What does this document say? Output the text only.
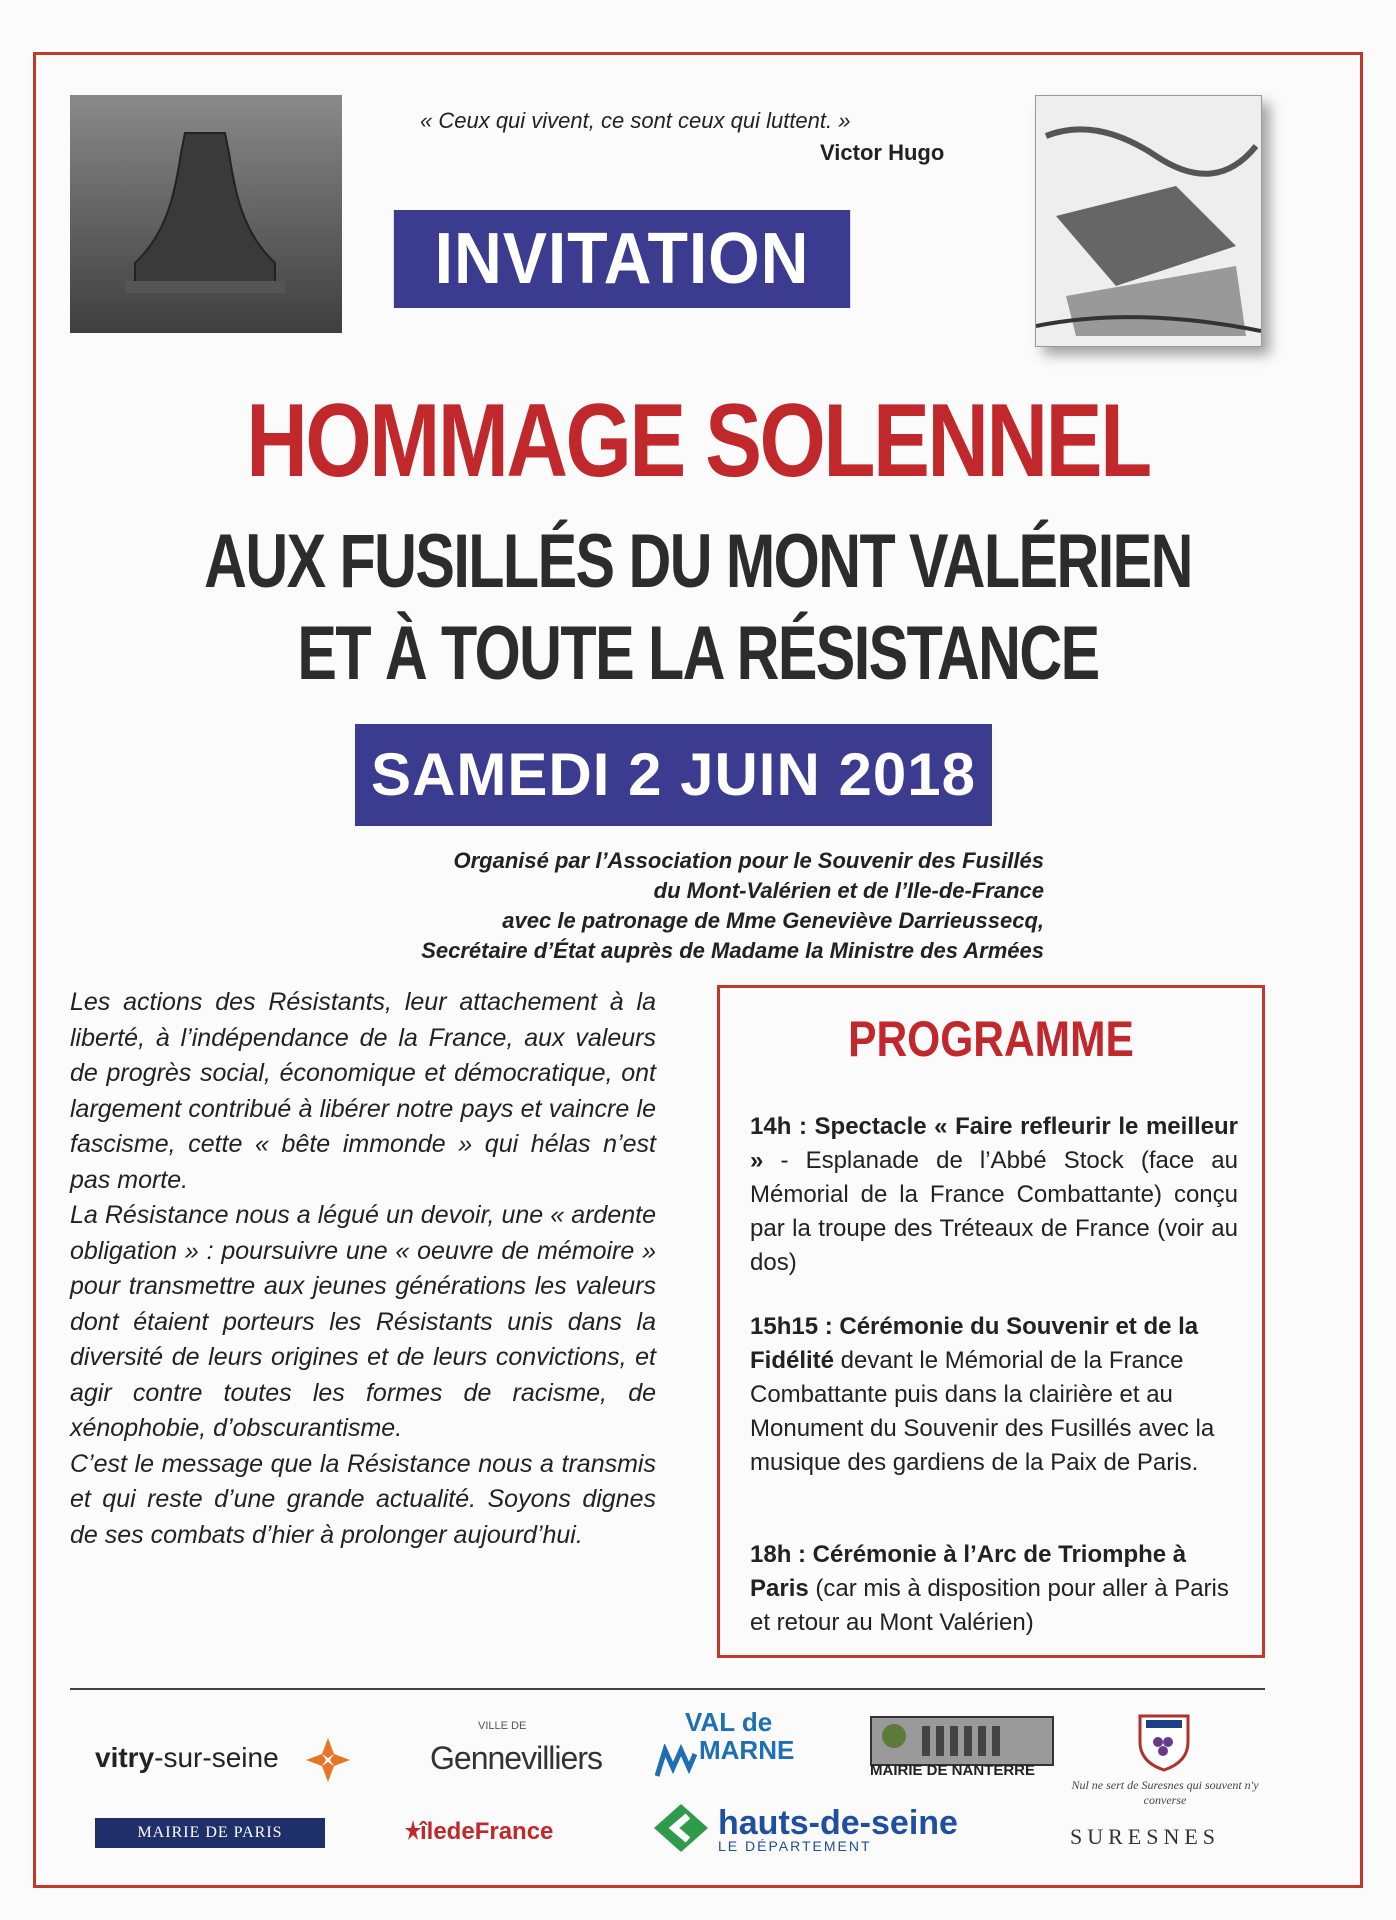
« Ceux qui vivent, ce sont ceux qui luttent. »
Victor Hugo
INVITATION
HOMMAGE SOLENNEL
AUX FUSILLÉS DU MONT VALÉRIEN
ET À TOUTE LA RÉSISTANCE
SAMEDI 2 JUIN 2018
Organisé par l’Association pour le Souvenir des Fusillés
du Mont-Valérien et de l’Ile-de-France
avec le patronage de Mme Geneviève Darrieussecq,
Secrétaire d’État auprès de Madame la Ministre des Armées

Les actions des Résistants, leur attachement à la liberté, à l’indépendance de la France, aux valeurs de progrès social, économique et démocratique, ont largement contribué à libérer notre pays et vaincre le fascisme, cette « bête immonde » qui hélas n’est pas morte.

La Résistance nous a légué un devoir, une « ardente obligation » : poursuivre une « oeuvre de mémoire » pour transmettre aux jeunes générations les valeurs dont étaient porteurs les Résistants unis dans la diversité de leurs origines et de leurs convictions, et agir contre toutes les formes de racisme, de xénophobie, d’obscurantisme.

C’est le message que la Résistance nous a transmis et qui reste d’une grande actualité. Soyons dignes de ses combats d’hier à prolonger aujourd’hui.

PROGRAMME
14h : Spectacle « Faire refleurir le meilleur » - Esplanade de l’Abbé Stock (face au Mémorial de la France Combattante) conçu par la troupe des Tréteaux de France (voir au dos)
15h15 : Cérémonie du Souvenir et de la Fidélité devant le Mémorial de la France Combattante puis dans la clairière et au Monument du Souvenir des Fusillés avec la musique des gardiens de la Paix de Paris.
18h : Cérémonie à l’Arc de Triomphe à Paris (car mis à disposition pour aller à Paris et retour au Mont Valérien)
vitry-sur-seine
MAIRIE DE PARIS
VILLE DE
Gennevilliers
îledeFrance
VAL de
MARNE
hauts-de-seine
LE DÉPARTEMENT
MAIRIE DE NANTERRE
Nul ne sert de Suresnes qui souvent n'y converse
SURESNES
